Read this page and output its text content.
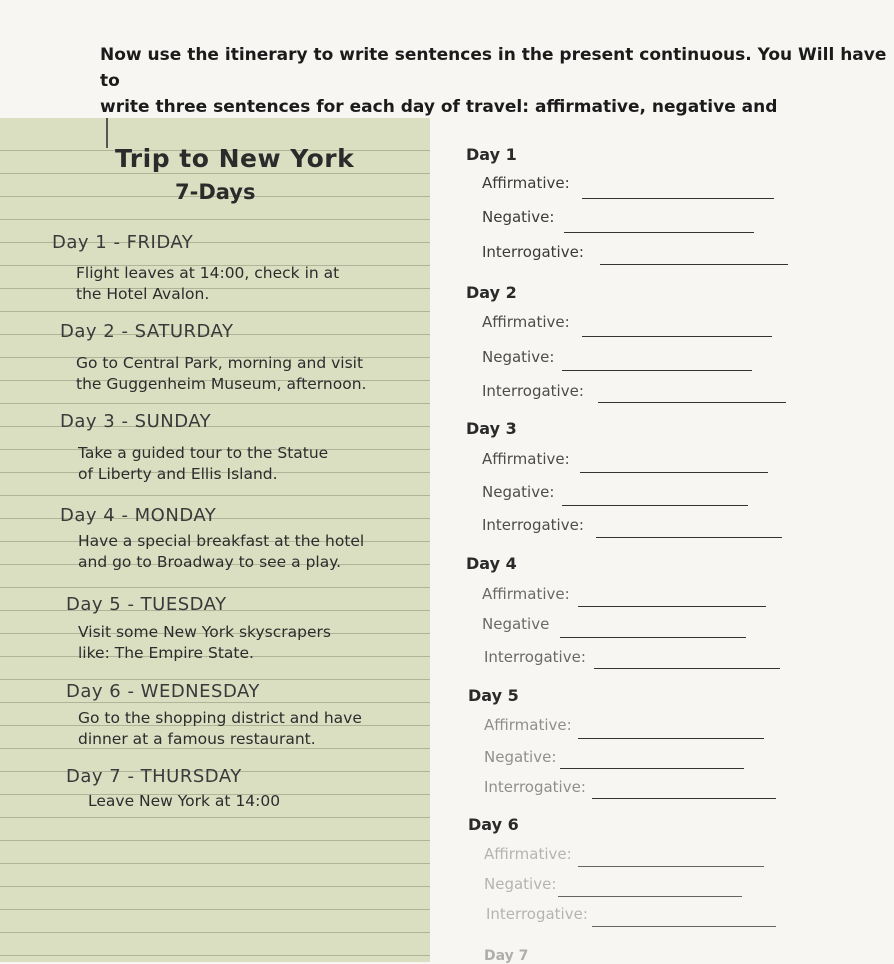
Now use the itinerary to write sentences in the present continuous. You Will have to
write three sentences for each day of travel: affirmative, negative and
Trip to New York
7-Days
Day 1 - FRIDAY
Flight leaves at 14:00, check in at
the Hotel Avalon.
Day 2 - SATURDAY
Go to Central Park, morning and visit
the Guggenheim Museum, afternoon.
Day 3 - SUNDAY
Take a guided tour to the Statue
of Liberty and Ellis Island.
Day 4 - MONDAY
Have a special breakfast at the hotel
and go to Broadway to see a play.
Day 5 - TUESDAY
Visit some New York skyscrapers
like: The Empire State.
Day 6 - WEDNESDAY
Go to the shopping district and have
dinner at a famous restaurant.
Day 7 - THURSDAY
Leave New York at 14:00
Day 1
Affirmative:
Negative:
Interrogative:
Day 2
Affirmative:
Negative:
Interrogative:
Day 3
Affirmative:
Negative:
Interrogative:
Day 4
Affirmative:
Negative
Interrogative:
Day 5
Affirmative:
Negative:
Interrogative:
Day 6
Affirmative:
Negative:
Interrogative:
Day 7
